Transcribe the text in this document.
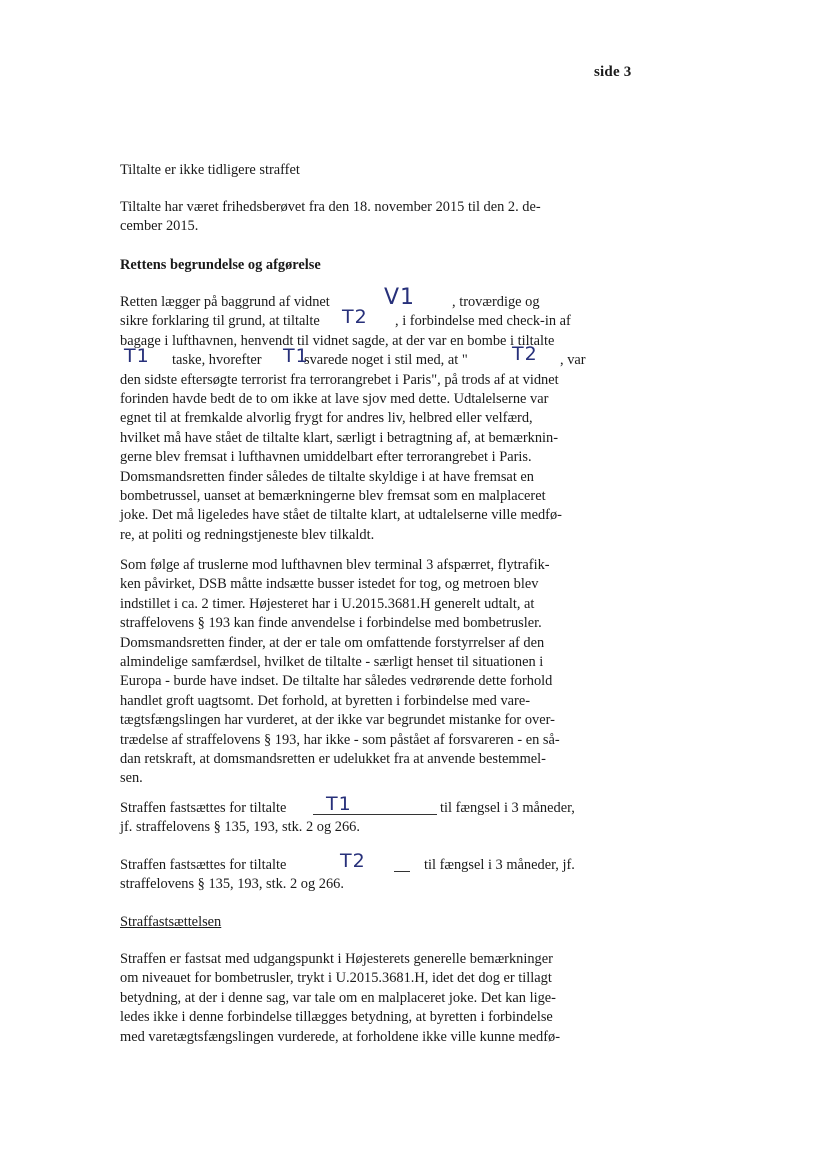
side 3
Tiltalte er ikke tidligere straffet
Tiltalte har været frihedsberøvet fra den 18. november 2015 til den 2. de-
cember 2015.
Rettens begrundelse og afgørelse
Retten lægger på baggrund af vidnet	, troværdige og
sikre forklaring til grund, at tiltalte	, i forbindelse med check-in af
bagage i lufthavnen, henvendt til vidnet sagde, at der var en bombe i tiltalte
taske, hvorefter	svarede noget i stil med, at "	, var
den sidste eftersøgte terrorist fra terrorangrebet i Paris", på trods af at vidnet
forinden havde bedt de to om ikke at lave sjov med dette. Udtalelserne var
egnet til at fremkalde alvorlig frygt for andres liv, helbred eller velfærd,
hvilket må have stået de tiltalte klart, særligt i betragtning af, at bemærknin-
gerne blev fremsat i lufthavnen umiddelbart efter terrorangrebet i Paris.
Domsmandsretten finder således de tiltalte skyldige i at have fremsat en
bombetrussel, uanset at bemærkningerne blev fremsat som en malplaceret
joke. Det må ligeledes have stået de tiltalte klart, at udtalelserne ville medfø-
re, at politi og redningstjeneste blev tilkaldt.
V1
T2
T1	T1	T2
Som følge af truslerne mod lufthavnen blev terminal 3 afspærret, flytrafik-
ken påvirket, DSB måtte indsætte busser istedet for tog, og metroen blev
indstillet i ca. 2 timer. Højesteret har i U.2015.3681.H generelt udtalt, at
straffelovens § 193 kan finde anvendelse i forbindelse med bombetrusler.
Domsmandsretten finder, at der er tale om omfattende forstyrrelser af den
almindelige samfærdsel, hvilket de tiltalte - særligt henset til situationen i
Europa - burde have indset. De tiltalte har således vedrørende dette forhold
handlet groft uagtsomt. Det forhold, at byretten i forbindelse med vare-
tægtsfængslingen har vurderet, at der ikke var begrundet mistanke for over-
trædelse af straffelovens § 193, har ikke - som påstået af forsvareren - en så-
dan retskraft, at domsmandsretten er udelukket fra at anvende bestemmel-
sen.
Straffen fastsættes for tiltalte	til fængsel i 3 måneder,
jf. straffelovens § 135, 193, stk. 2 og 266.
T1
Straffen fastsættes for tiltalte	til fængsel i 3 måneder, jf.
straffelovens § 135, 193, stk. 2 og 266.
T2
Straffastsættelsen
Straffen er fastsat med udgangspunkt i Højesterets generelle bemærkninger
om niveauet for bombetrusler, trykt i U.2015.3681.H, idet det dog er tillagt
betydning, at der i denne sag, var tale om en malplaceret joke. Det kan lige-
ledes ikke i denne forbindelse tillægges betydning, at byretten i forbindelse
med varetægtsfængslingen vurderede, at forholdene ikke ville kunne medfø-
